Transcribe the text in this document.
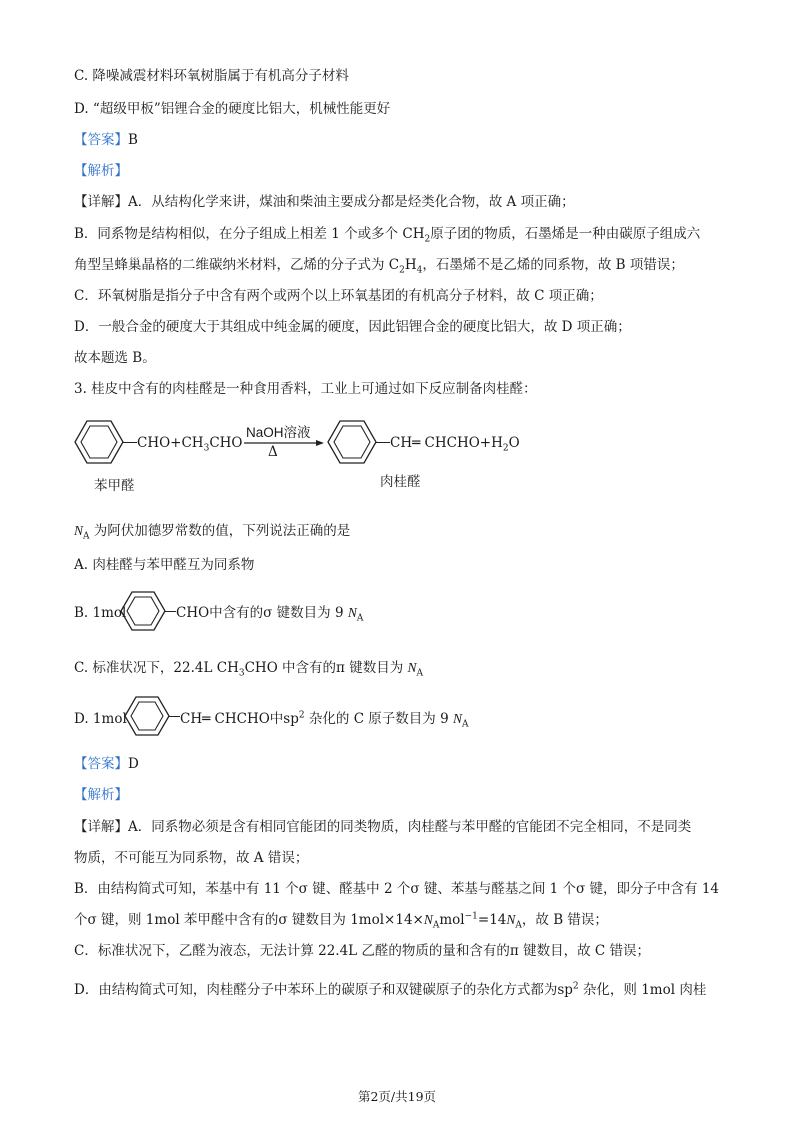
C. 降噪减震材料环氧树脂属于有机高分子材料
D. “超级甲板”铝锂合金的硬度比铝大，机械性能更好
【答案】B
【解析】
【详解】A．从结构化学来讲，煤油和柴油主要成分都是烃类化合物，故 A 项正确；
B．同系物是结构相似，在分子组成上相差 1 个或多个 $CH_2$原子团的物质，石墨烯是一种由碳原子组成六
角型呈蜂巢晶格的二维碳纳米材料，乙烯的分子式为 $C_2H_4$，石墨烯不是乙烯的同系物，故 B 项错误；
C．环氧树脂是指分子中含有两个或两个以上环氧基团的有机高分子材料，故 C 项正确；
D．一般合金的硬度大于其组成中纯金属的硬度，因此铝锂合金的硬度比铝大，故 D 项正确；
故本题选 B。
3. 桂皮中含有的肉桂醛是一种食用香料，工业上可通过如下反应制备肉桂醛：
$CHO+CH_3CHO$
NaOH溶液
Δ
CH═ $CHCHO+H_2O$
苯甲醛	肉桂醛
$N_A$ 为阿伏加德罗常数的值，下列说法正确的是
A. 肉桂醛与苯甲醛互为同系物
B. 1mol	CHO中含有的σ 键数目为 9 $N_A$
C. 标准状况下，22.4L $CH_3CHO$ 中含有的π 键数目为 $N_A$
D. 1mol	CH═ CHCHO中$sp^2$ 杂化的 C 原子数目为 9 $N_A$
【答案】D
【解析】
【详解】A．同系物必须是含有相同官能团的同类物质，肉桂醛与苯甲醛的官能团不完全相同，不是同类
物质，不可能互为同系物，故 A 错误；
B．由结构简式可知，苯基中有 11 个σ 键、醛基中 2 个σ 键、苯基与醛基之间 1 个σ 键，即分子中含有 14
个σ 键，则 1mol 苯甲醛中含有的σ 键数目为 $1mol\times 14\times N_Amol^{-1}=14N_A$，故 B 错误；
C．标准状况下，乙醛为液态，无法计算 22.4L 乙醛的物质的量和含有的π 键数目，故 C 错误；
D．由结构简式可知，肉桂醛分子中苯环上的碳原子和双键碳原子的杂化方式都为$sp^2$ 杂化，则 1mol 肉桂
第2页/共19页
